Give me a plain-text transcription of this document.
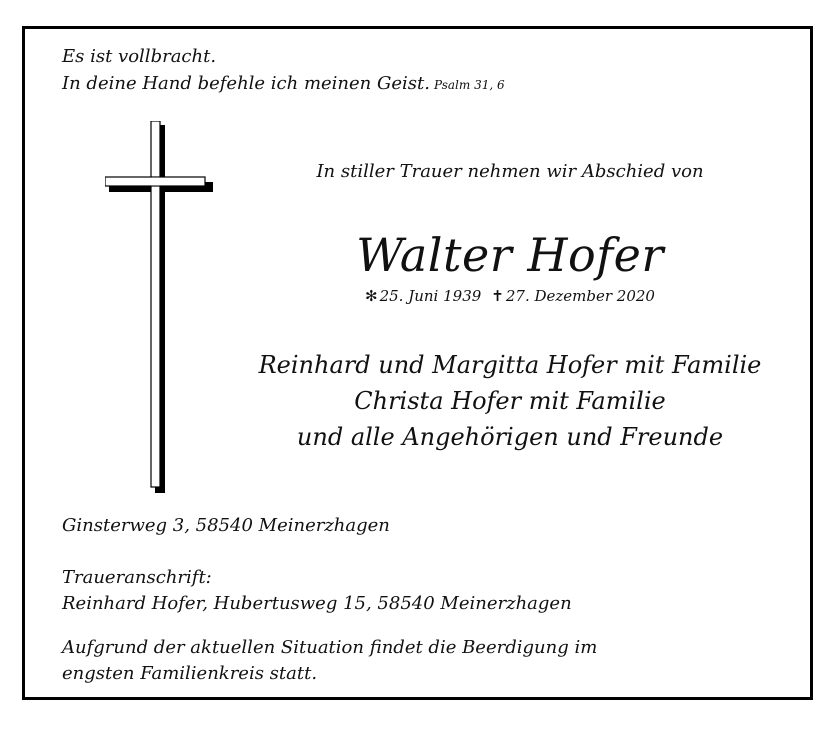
Es ist vollbracht.
In deine Hand befehle ich meinen Geist. Psalm 31, 6
In stiller Trauer nehmen wir Abschied von
Walter Hofer
✻ 25. Juni 1939 ✝ 27. Dezember 2020
Reinhard und Margitta Hofer mit Familie
Christa Hofer mit Familie
und alle Angehörigen und Freunde
Ginsterweg 3, 58540 Meinerzhagen
Traueranschrift:
Reinhard Hofer, Hubertusweg 15, 58540 Meinerzhagen
Aufgrund der aktuellen Situation findet die Beerdigung im
engsten Familienkreis statt.
